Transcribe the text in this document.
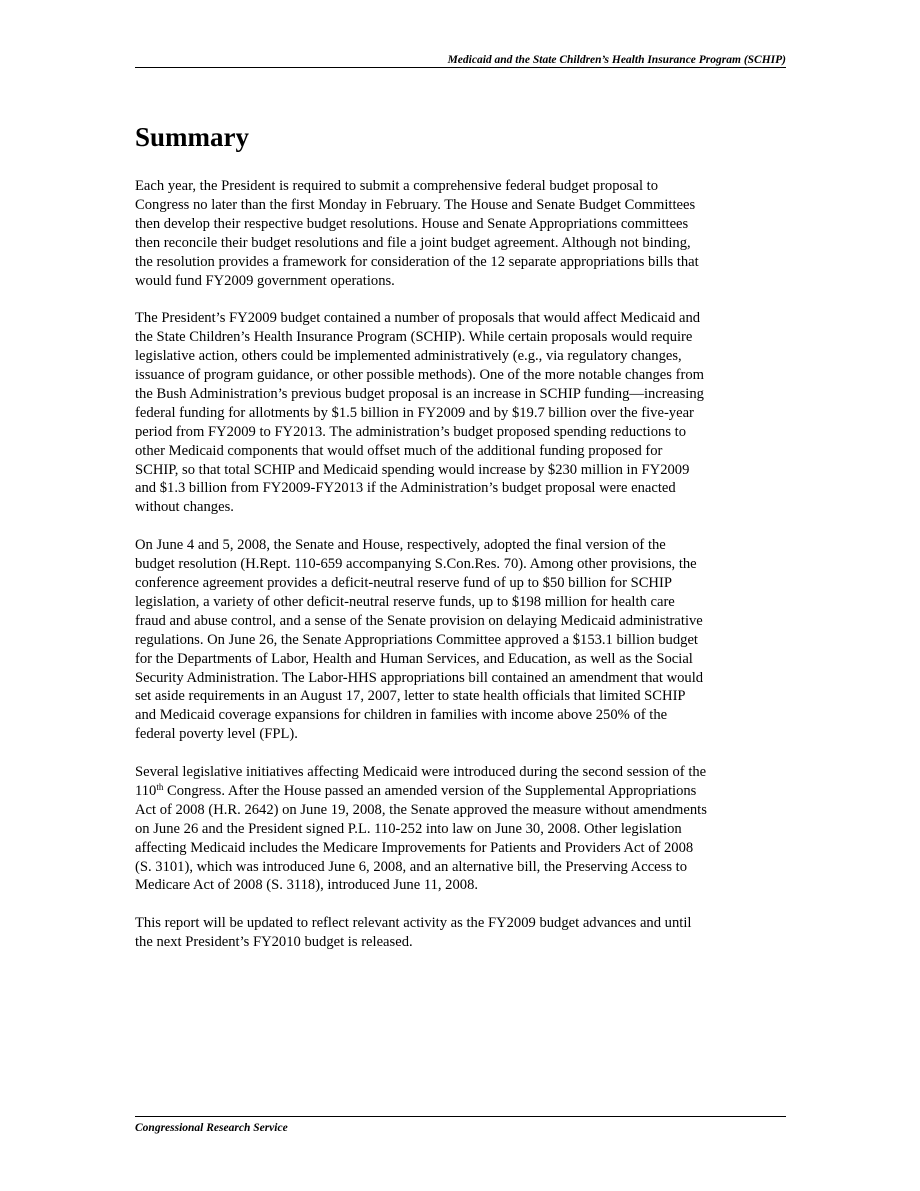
Medicaid and the State Children’s Health Insurance Program (SCHIP)
Summary

Each year, the President is required to submit a comprehensive federal budget proposal to
Congress no later than the first Monday in February. The House and Senate Budget Committees
then develop their respective budget resolutions. House and Senate Appropriations committees
then reconcile their budget resolutions and file a joint budget agreement. Although not binding,
the resolution provides a framework for consideration of the 12 separate appropriations bills that
would fund FY2009 government operations.

The President’s FY2009 budget contained a number of proposals that would affect Medicaid and
the State Children’s Health Insurance Program (SCHIP). While certain proposals would require
legislative action, others could be implemented administratively (e.g., via regulatory changes,
issuance of program guidance, or other possible methods). One of the more notable changes from
the Bush Administration’s previous budget proposal is an increase in SCHIP funding—increasing
federal funding for allotments by $1.5 billion in FY2009 and by $19.7 billion over the five-year
period from FY2009 to FY2013. The administration’s budget proposed spending reductions to
other Medicaid components that would offset much of the additional funding proposed for
SCHIP, so that total SCHIP and Medicaid spending would increase by $230 million in FY2009
and $1.3 billion from FY2009-FY2013 if the Administration’s budget proposal were enacted
without changes.

On June 4 and 5, 2008, the Senate and House, respectively, adopted the final version of the
budget resolution (H.Rept. 110-659 accompanying S.Con.Res. 70). Among other provisions, the
conference agreement provides a deficit-neutral reserve fund of up to $50 billion for SCHIP
legislation, a variety of other deficit-neutral reserve funds, up to $198 million for health care
fraud and abuse control, and a sense of the Senate provision on delaying Medicaid administrative
regulations. On June 26, the Senate Appropriations Committee approved a $153.1 billion budget
for the Departments of Labor, Health and Human Services, and Education, as well as the Social
Security Administration. The Labor-HHS appropriations bill contained an amendment that would
set aside requirements in an August 17, 2007, letter to state health officials that limited SCHIP
and Medicaid coverage expansions for children in families with income above 250% of the
federal poverty level (FPL).

Several legislative initiatives affecting Medicaid were introduced during the second session of the
110th Congress. After the House passed an amended version of the Supplemental Appropriations
Act of 2008 (H.R. 2642) on June 19, 2008, the Senate approved the measure without amendments
on June 26 and the President signed P.L. 110-252 into law on June 30, 2008. Other legislation
affecting Medicaid includes the Medicare Improvements for Patients and Providers Act of 2008
(S. 3101), which was introduced June 6, 2008, and an alternative bill, the Preserving Access to
Medicare Act of 2008 (S. 3118), introduced June 11, 2008.

This report will be updated to reflect relevant activity as the FY2009 budget advances and until
the next President’s FY2010 budget is released.

Congressional Research Service
